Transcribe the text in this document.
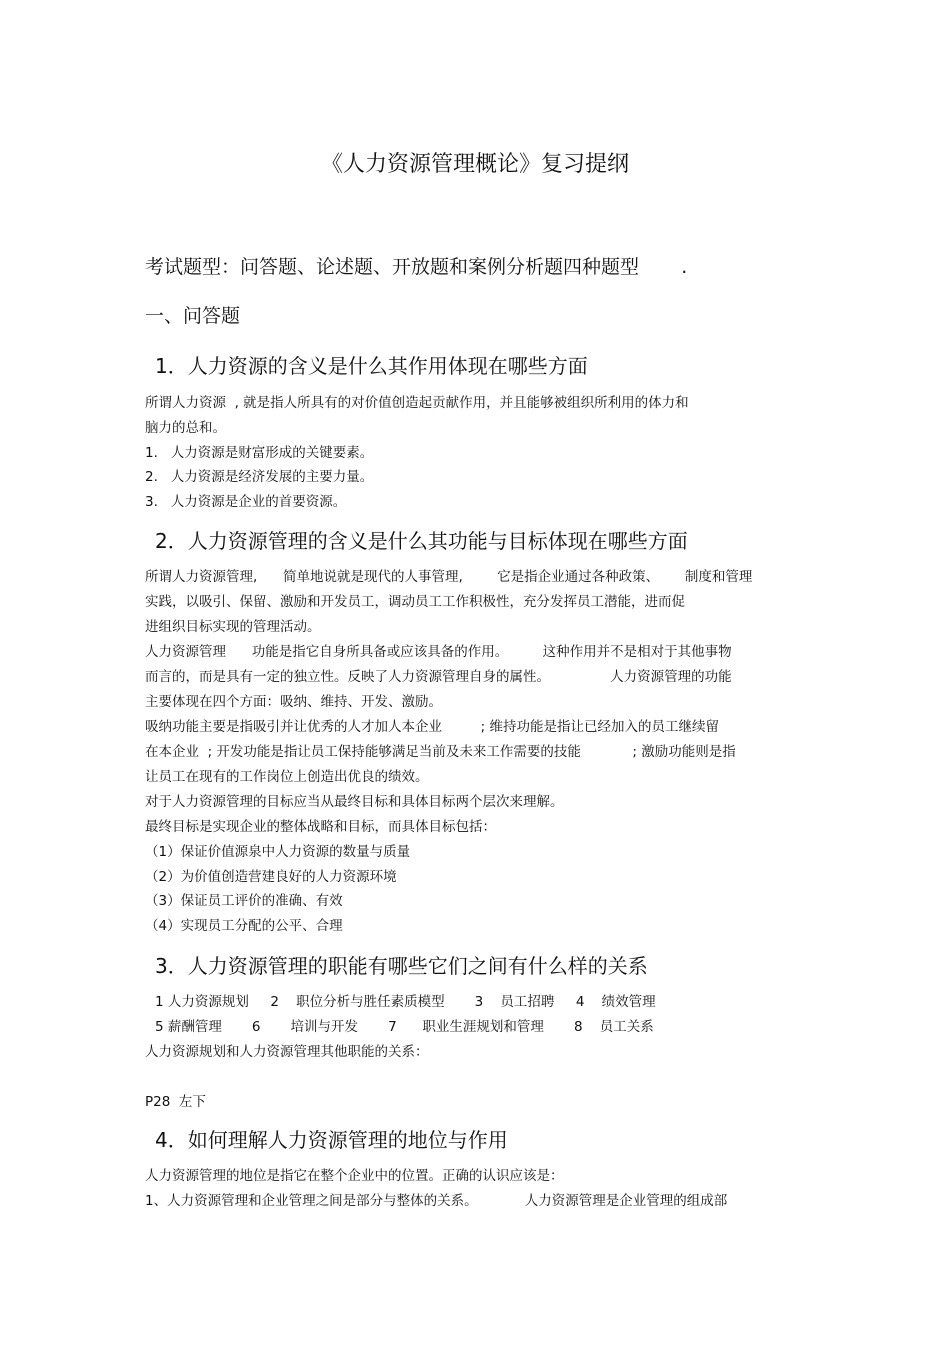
《人力资源管理概论》复习提纲
考试题型：问答题、论述题、开放题和案例分析题四种题型       .
一、问答题
1．人力资源的含义是什么其作用体现在哪些方面
所谓人力资源  , 就是指人所具有的对价值创造起贡献作用，并且能够被组织所利用的体力和
脑力的总和。
1.   人力资源是财富形成的关键要素。
2.   人力资源是经济发展的主要力量。
3.   人力资源是企业的首要资源。
2．人力资源管理的含义是什么其功能与目标体现在哪些方面
所谓人力资源管理,      简单地说就是现代的人事管理,        它是指企业通过各种政策、      制度和管理
实践，以吸引、保留、激励和开发员工，调动员工工作积极性，充分发挥员工潜能，进而促
进组织目标实现的管理活动。
人力资源管理      功能是指它自身所具备或应该具备的作用。        这种作用并不是相对于其他事物
而言的，而是具有一定的独立性。反映了人力资源管理自身的属性。              人力资源管理的功能
主要体现在四个方面：吸纳、维持、开发、激励。
吸纳功能主要是指吸引并让优秀的人才加人本企业         ; 维持功能是指让已经加入的员工继续留
在本企业  ; 开发功能是指让员工保持能够满足当前及未来工作需要的技能            ; 激励功能则是指
让员工在现有的工作岗位上创造出优良的绩效。
对于人力资源管理的目标应当从最终目标和具体目标两个层次来理解。
最终目标是实现企业的整体战略和目标，而具体目标包括：
（1）保证价值源泉中人力资源的数量与质量
（2）为价值创造营建良好的人力资源环境
（3）保证员工评价的准确、有效
（4）实现员工分配的公平、合理
3．人力资源管理的职能有哪些它们之间有什么样的关系
1 人力资源规划     2    职位分析与胜任素质模型       3    员工招聘     4    绩效管理
5 薪酬管理       6       培训与开发       7      职业生涯规划和管理       8    员工关系
人力资源规划和人力资源管理其他职能的关系：
P28  左下
4．如何理解人力资源管理的地位与作用
人力资源管理的地位是指它在整个企业中的位置。正确的认识应该是：
1、人力资源管理和企业管理之间是部分与整体的关系。           人力资源管理是企业管理的组成部
